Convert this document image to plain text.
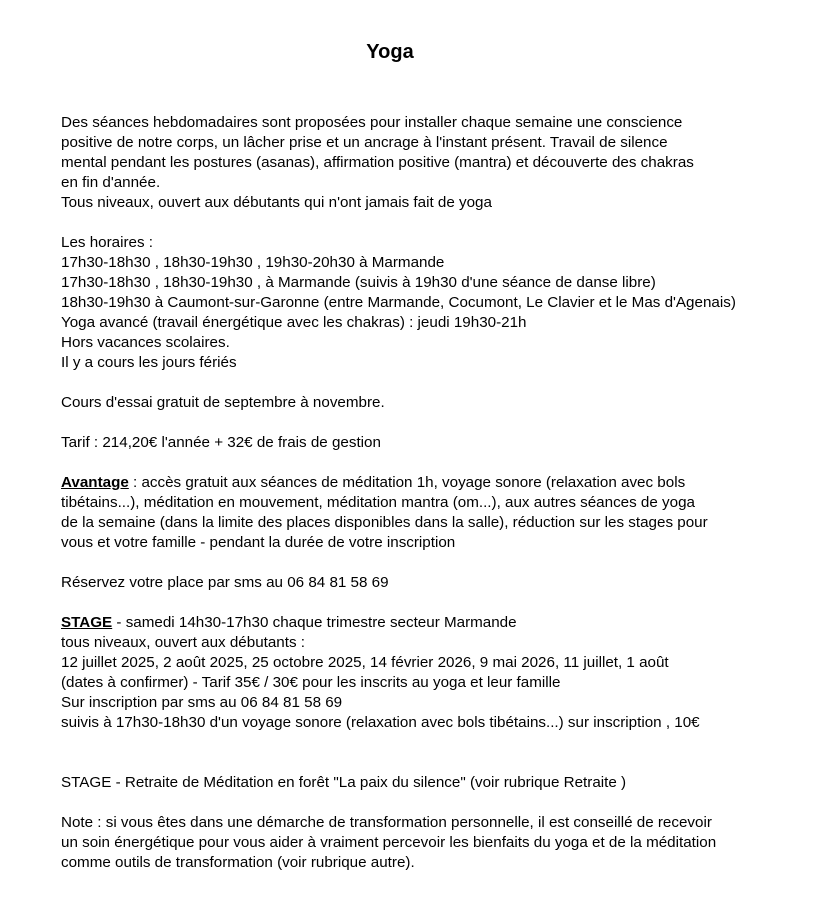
Yoga
Des séances hebdomadaires sont proposées pour installer chaque semaine une conscience
positive de notre corps, un lâcher prise et un ancrage à l'instant présent. Travail de silence
mental pendant les postures (asanas), affirmation positive (mantra) et découverte des chakras
en fin d'année.
Tous niveaux, ouvert aux débutants qui n'ont jamais fait de yoga
Les horaires :
17h30-18h30 , 18h30-19h30 , 19h30-20h30 à Marmande
17h30-18h30 , 18h30-19h30 , à Marmande (suivis à 19h30 d'une séance de danse libre)
18h30-19h30 à Caumont-sur-Garonne (entre Marmande, Cocumont, Le Clavier et le Mas d'Agenais)
Yoga avancé (travail énergétique avec les chakras) : jeudi 19h30-21h
Hors vacances scolaires.
Il y a cours les jours fériés
Cours d'essai gratuit de septembre à novembre.
Tarif : 214,20€ l'année + 32€ de frais de gestion
Avantage : accès gratuit aux séances de méditation 1h, voyage sonore (relaxation avec bols
tibétains...), méditation en mouvement, méditation mantra (om...), aux autres séances de yoga
de la semaine (dans la limite des places disponibles dans la salle), réduction sur les stages pour
vous et votre famille - pendant la durée de votre inscription
Réservez votre place par sms au 06 84 81 58 69
STAGE - samedi 14h30-17h30 chaque trimestre secteur Marmande
tous niveaux, ouvert aux débutants :
12 juillet 2025, 2 août 2025, 25 octobre 2025, 14 février 2026, 9 mai 2026, 11 juillet, 1 août
(dates à confirmer) - Tarif 35€ / 30€ pour les inscrits au yoga et leur famille
Sur inscription par sms au 06 84 81 58 69
suivis à 17h30-18h30 d'un voyage sonore (relaxation avec bols tibétains...) sur inscription , 10€
STAGE - Retraite de Méditation en forêt "La paix du silence" (voir rubrique Retraite )
Note : si vous êtes dans une démarche de transformation personnelle, il est conseillé de recevoir
un soin énergétique pour vous aider à vraiment percevoir les bienfaits du yoga et de la méditation
comme outils de transformation (voir rubrique autre).
